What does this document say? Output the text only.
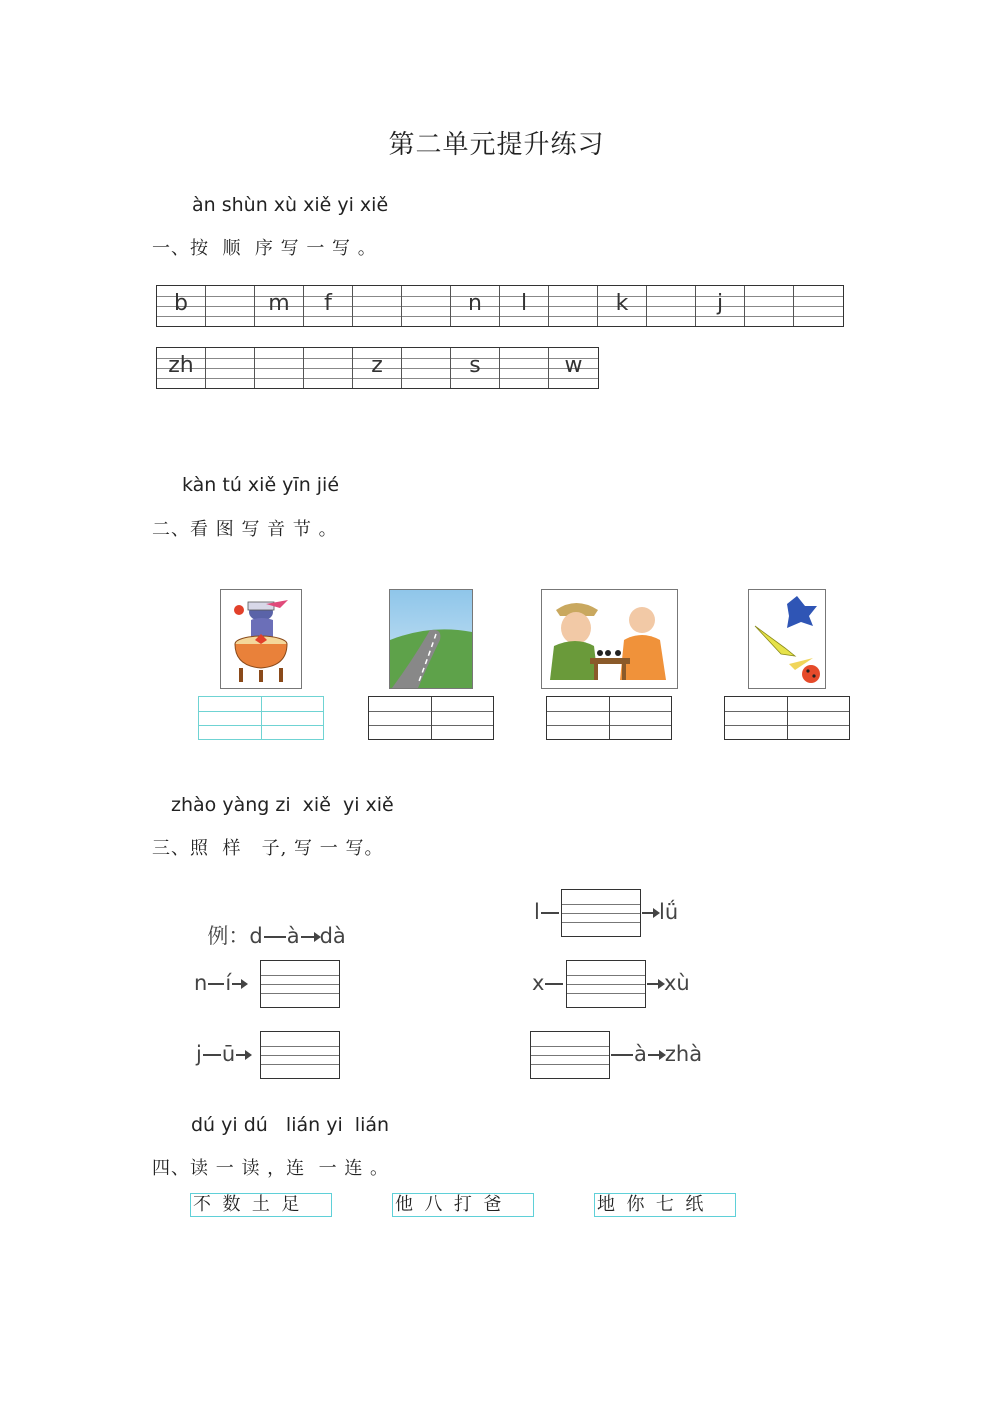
第二单元提升练习
àn shùn xù xiě yi xiě
一、按  顺  序 写 一 写 。
b	m	f	n	l	k	j
zh	z	s	w
kàn tú xiě yīn jié
二、看 图 写 音 节 。
zhào yàng zi  xiě  yi xiě
三、照  样   子, 写 一 写。

例：d à dà

l	lǘ
n í	x	xù
j ū	à zhà
dú yi dú   lián yi  lián
四、读 一 读 ，连  一 连 。
不  数  土  足	他  八  打  爸	地  你  七  纸
